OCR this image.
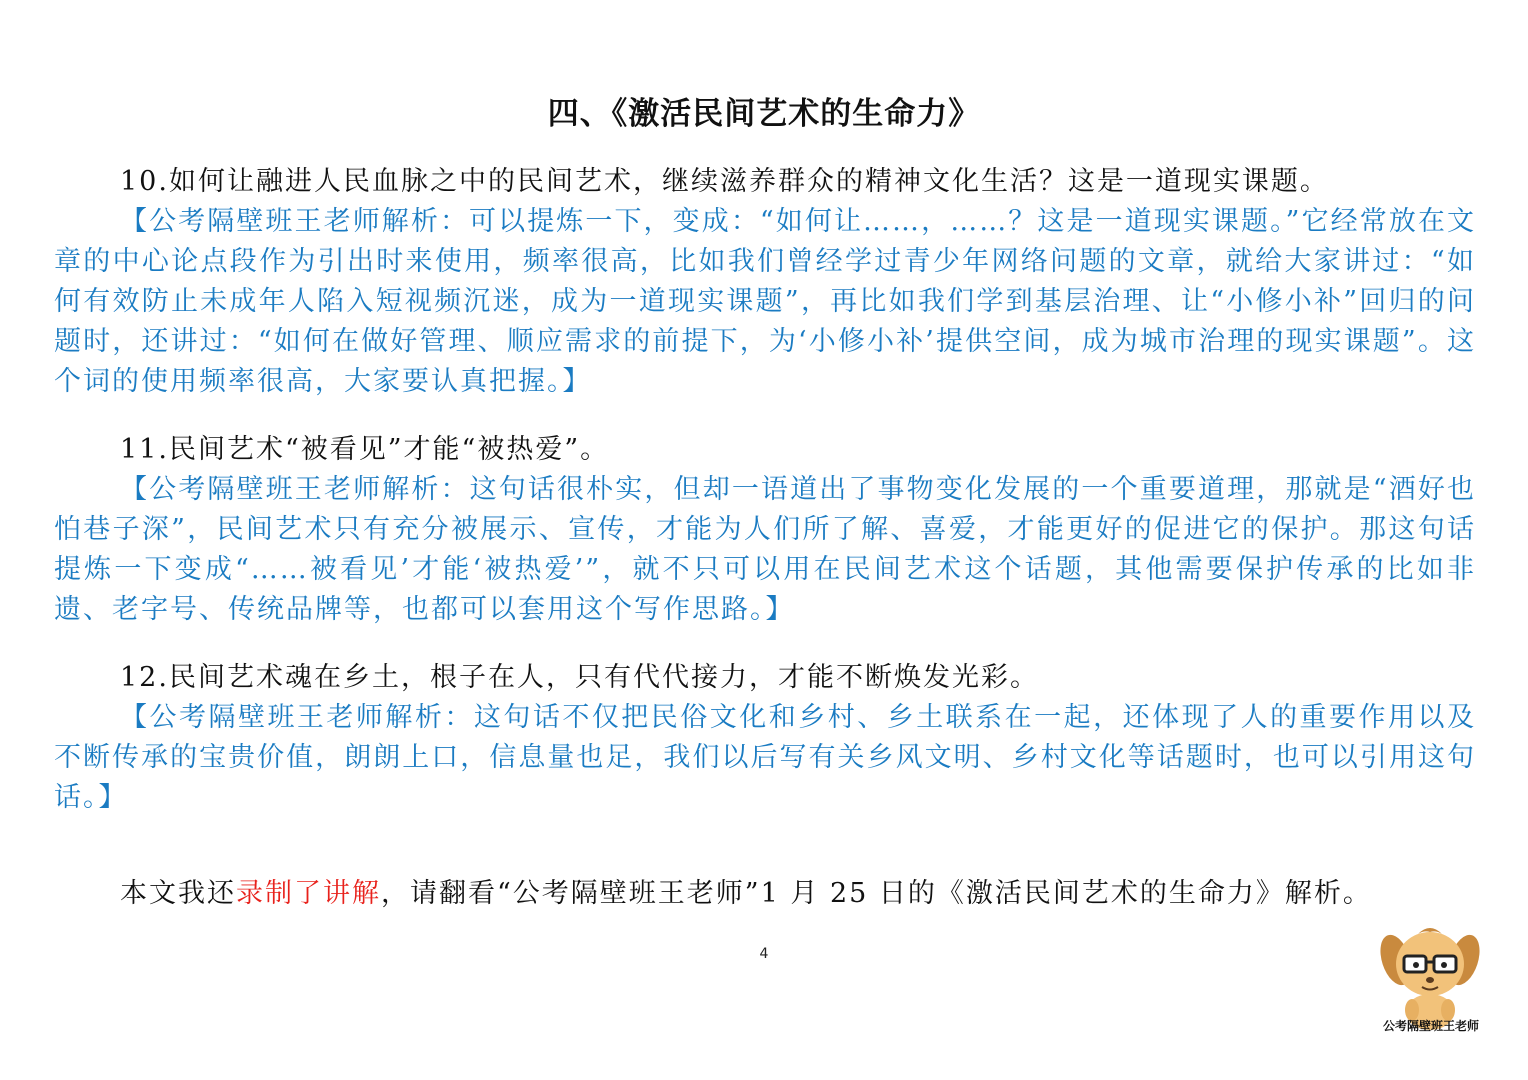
四、《激活民间艺术的生命力》

10.如何让融进人民血脉之中的民间艺术，继续滋养群众的精神文化生活？这是一道现实课题。

【公考隔壁班王老师解析：可以提炼一下，变成：“如何让……，……？这是一道现实课题。”它经常放在文章的中心论点段作为引出时来使用，频率很高，比如我们曾经学过青少年网络问题的文章，就给大家讲过：“如何有效防止未成年人陷入短视频沉迷，成为一道现实课题”，再比如我们学到基层治理、让“小修小补”回归的问题时，还讲过：“如何在做好管理、顺应需求的前提下，为‘小修小补’提供空间，成为城市治理的现实课题”。这个词的使用频率很高，大家要认真把握。】

11.民间艺术“被看见”才能“被热爱”。

【公考隔壁班王老师解析：这句话很朴实，但却一语道出了事物变化发展的一个重要道理，那就是“酒好也怕巷子深”，民间艺术只有充分被展示、宣传，才能为人们所了解、喜爱，才能更好的促进它的保护。那这句话提炼一下变成“……被看见’才能‘被热爱’”，就不只可以用在民间艺术这个话题，其他需要保护传承的比如非遗、老字号、传统品牌等，也都可以套用这个写作思路。】

12.民间艺术魂在乡土，根子在人，只有代代接力，才能不断焕发光彩。

【公考隔壁班王老师解析：这句话不仅把民俗文化和乡村、乡土联系在一起，还体现了人的重要作用以及不断传承的宝贵价值，朗朗上口，信息量也足，我们以后写有关乡风文明、乡村文化等话题时，也可以引用这句话。】

本文我还录制了讲解，请翻看“公考隔壁班王老师”1 月 25 日的《激活民间艺术的生命力》解析。

4
公考隔壁班王老师
